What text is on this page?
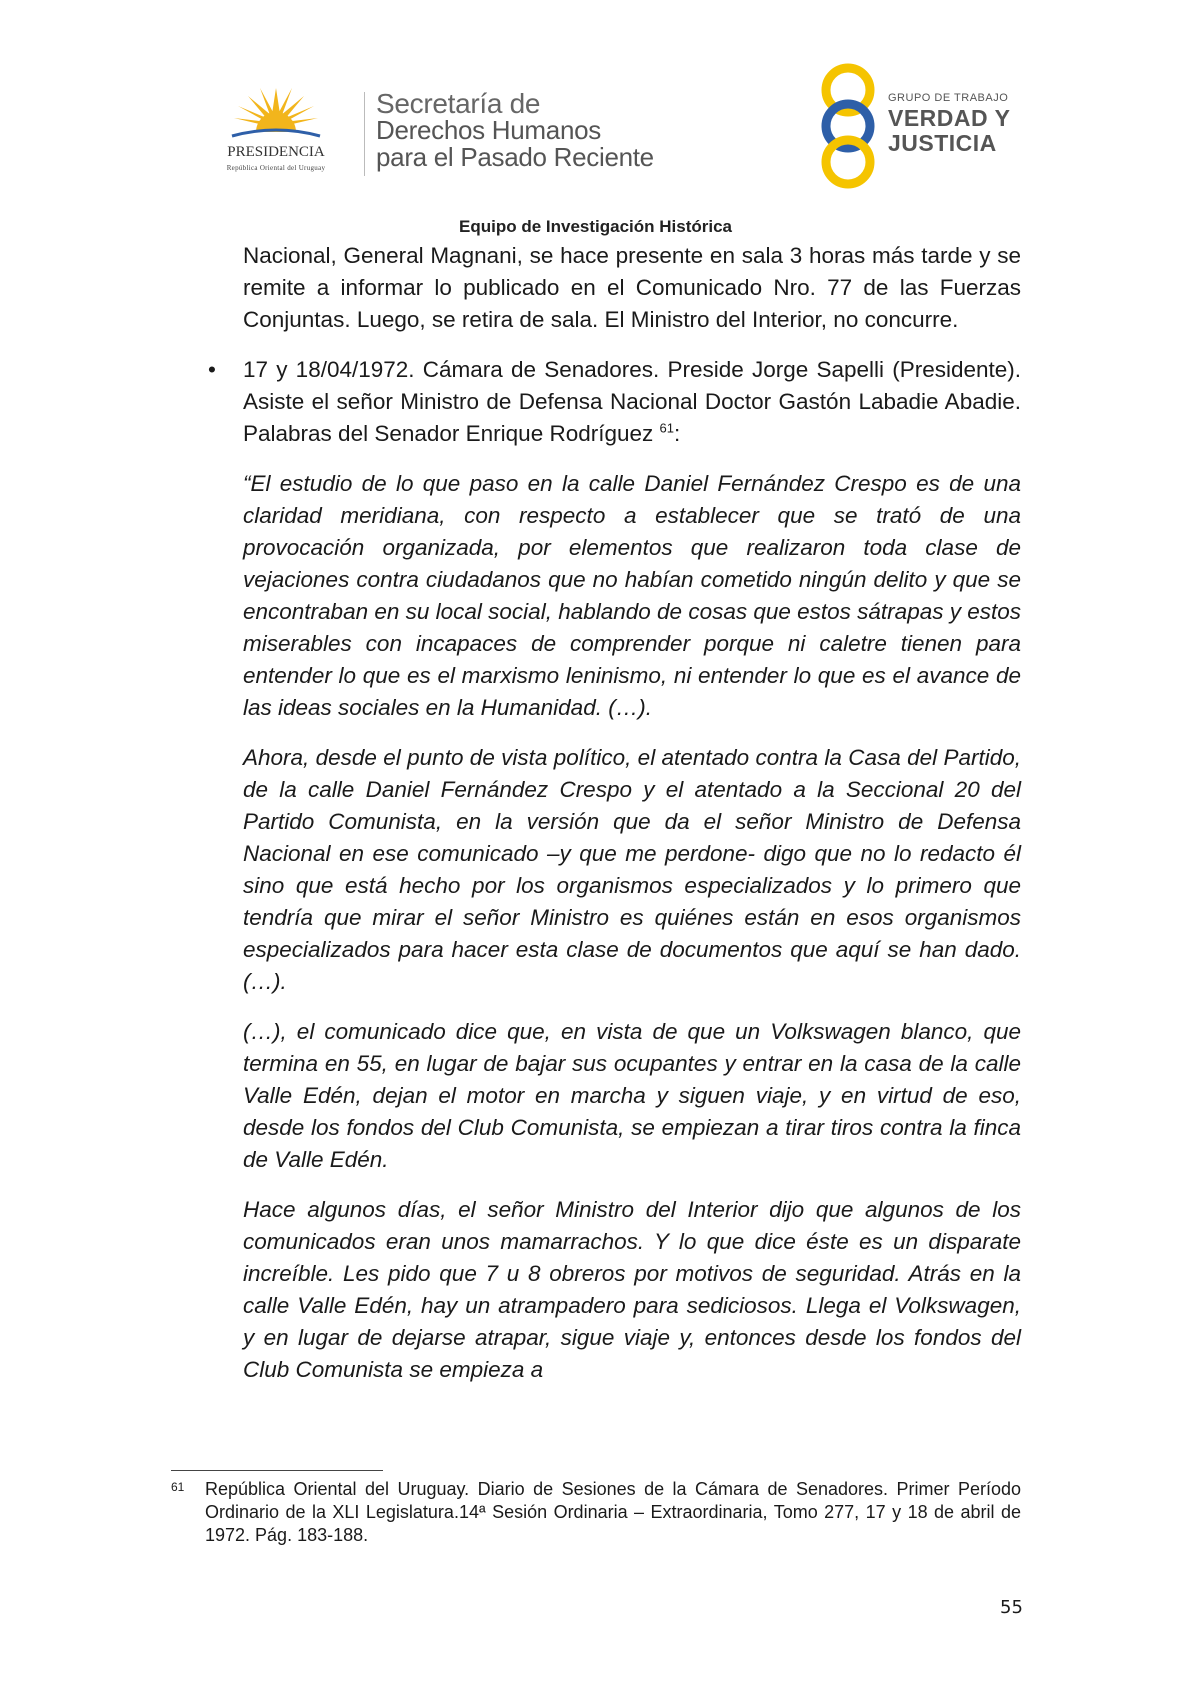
PRESIDENCIA
República Oriental del Uruguay
Secretaría de
Derechos Humanos
para el Pasado Reciente
GRUPO DE TRABAJO
VERDAD Y
JUSTICIA
Equipo de Investigación Histórica

Nacional, General Magnani, se hace presente en sala 3 horas más tarde y se remite a informar lo publicado en el Comunicado Nro. 77 de las Fuerzas Conjuntas. Luego, se retira de sala. El Ministro del Interior, no concurre.

• 17 y 18/04/1972. Cámara de Senadores. Preside Jorge Sapelli (Presidente). Asiste el señor Ministro de Defensa Nacional Doctor Gastón Labadie Abadie. Palabras del Senador Enrique Rodríguez $^{61}$:

“El estudio de lo que paso en la calle Daniel Fernández Crespo es de una claridad meridiana, con respecto a establecer que se trató de una provocación organizada, por elementos que realizaron toda clase de vejaciones contra ciudadanos que no habían cometido ningún delito y que se encontraban en su local social, hablando de cosas que estos sátrapas y estos miserables con incapaces de comprender porque ni caletre tienen para entender lo que es el marxismo leninismo, ni entender lo que es el avance de las ideas sociales en la Humanidad. (…).

Ahora, desde el punto de vista político, el atentado contra la Casa del Partido, de la calle Daniel Fernández Crespo y el atentado a la Seccional 20 del Partido Comunista, en la versión que da el señor Ministro de Defensa Nacional en ese comunicado –y que me perdone- digo que no lo redacto él sino que está hecho por los organismos especializados y lo primero que tendría que mirar el señor Ministro es quiénes están en esos organismos especializados para hacer esta clase de documentos que aquí se han dado. (…).

(…), el comunicado dice que, en vista de que un Volkswagen blanco, que termina en 55, en lugar de bajar sus ocupantes y entrar en la casa de la calle Valle Edén, dejan el motor en marcha y siguen viaje, y en virtud de eso, desde los fondos del Club Comunista, se empiezan a tirar tiros contra la finca de Valle Edén.

Hace algunos días, el señor Ministro del Interior dijo que algunos de los comunicados eran unos mamarrachos. Y lo que dice éste es un disparate increíble. Les pido que 7 u 8 obreros por motivos de seguridad. Atrás en la calle Valle Edén, hay un atrampadero para sediciosos. Llega el Volkswagen, y en lugar de dejarse atrapar, sigue viaje y, entonces desde los fondos del Club Comunista se empieza a

61 República Oriental del Uruguay. Diario de Sesiones de la Cámara de Senadores. Primer Período Ordinario de la XLI Legislatura.14ª Sesión Ordinaria – Extraordinaria, Tomo 277, 17 y 18 de abril de 1972. Pág. 183-188.
55
